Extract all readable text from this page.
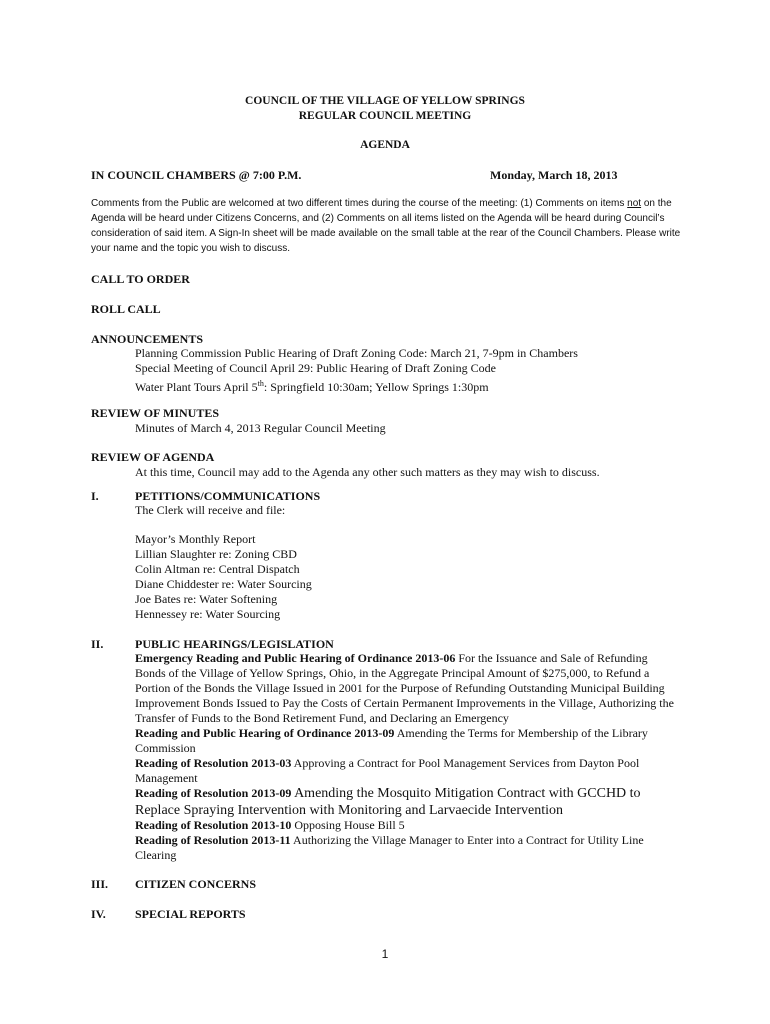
COUNCIL OF THE VILLAGE OF YELLOW SPRINGS
REGULAR COUNCIL MEETING
AGENDA
IN COUNCIL CHAMBERS @ 7:00 P.M.	Monday, March 18, 2013
Comments from the Public are welcomed at two different times during the course of the meeting: (1) Comments on items not on the Agenda will be heard under Citizens Concerns, and (2) Comments on all items listed on the Agenda will be heard during Council’s consideration of said item. A Sign-In sheet will be made available on the small table at the rear of the Council Chambers. Please write your name and the topic you wish to discuss.
CALL TO ORDER
ROLL CALL
ANNOUNCEMENTS
Planning Commission Public Hearing of Draft Zoning Code: March 21, 7-9pm in Chambers
Special Meeting of Council April 29: Public Hearing of Draft Zoning Code
Water Plant Tours April 5th: Springfield 10:30am; Yellow Springs 1:30pm
REVIEW OF MINUTES
Minutes of March 4, 2013 Regular Council Meeting
REVIEW OF AGENDA
At this time, Council may add to the Agenda any other such matters as they may wish to discuss.
I.	PETITIONS/COMMUNICATIONS
The Clerk will receive and file:
Mayor’s Monthly Report
Lillian Slaughter re: Zoning CBD
Colin Altman re: Central Dispatch
Diane Chiddester re: Water Sourcing
Joe Bates re: Water Softening
Hennessey re: Water Sourcing
II.	PUBLIC HEARINGS/LEGISLATION
Emergency Reading and Public Hearing of Ordinance 2013-06 For the Issuance and Sale of Refunding Bonds of the Village of Yellow Springs, Ohio, in the Aggregate Principal Amount of $275,000, to Refund a Portion of the Bonds the Village Issued in 2001 for the Purpose of Refunding Outstanding Municipal Building Improvement Bonds Issued to Pay the Costs of Certain Permanent Improvements in the Village, Authorizing the Transfer of Funds to the Bond Retirement Fund, and Declaring an Emergency
Reading and Public Hearing of Ordinance 2013-09 Amending the Terms for Membership of the Library Commission
Reading of Resolution 2013-03 Approving a Contract for Pool Management Services from Dayton Pool Management
Reading of Resolution 2013-09 Amending the Mosquito Mitigation Contract with GCCHD to Replace Spraying Intervention with Monitoring and Larvaecide Intervention
Reading of Resolution 2013-10 Opposing House Bill 5
Reading of Resolution 2013-11 Authorizing the Village Manager to Enter into a Contract for Utility Line Clearing
III. CITIZEN CONCERNS
IV. SPECIAL REPORTS
1
